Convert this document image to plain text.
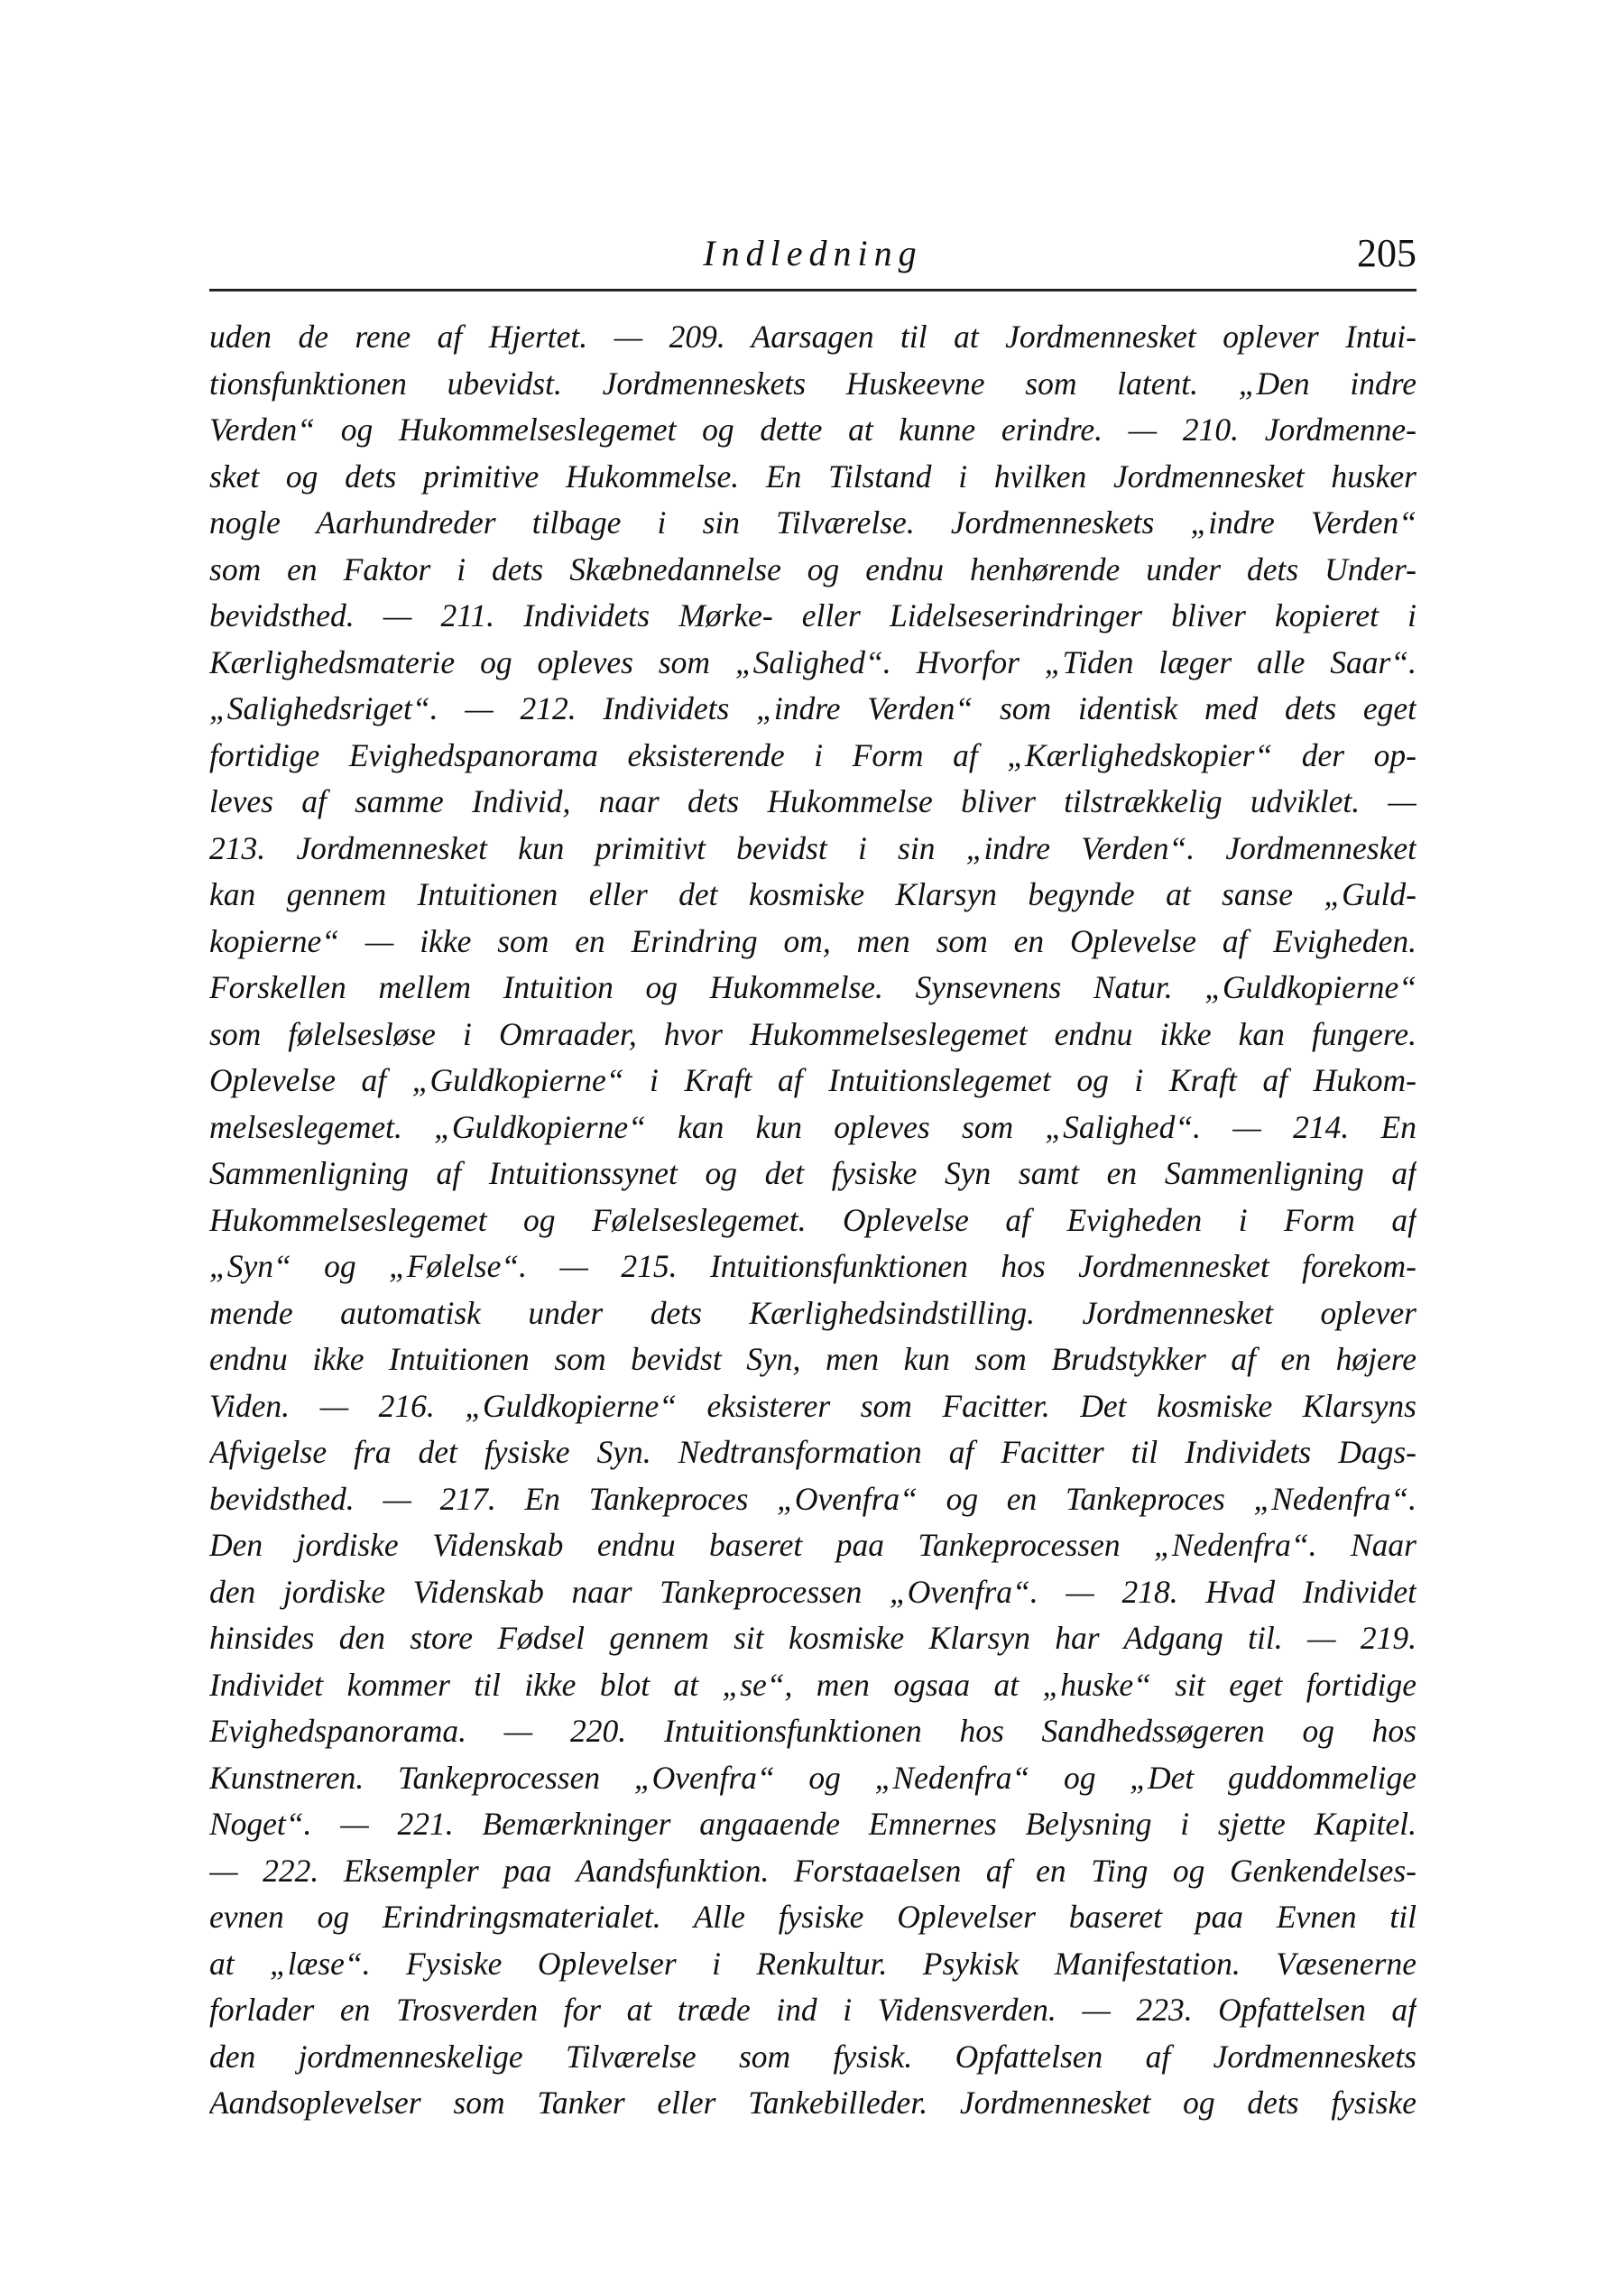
Indledning	205
uden de rene af Hjertet. — 209. Aarsagen til at Jordmennesket oplever Intui-
tionsfunktionen ubevidst. Jordmenneskets Huskeevne som latent. „Den indre
Verden“ og Hukommelseslegemet og dette at kunne erindre. — 210. Jordmenne-
sket og dets primitive Hukommelse. En Tilstand i hvilken Jordmennesket husker
nogle Aarhundreder tilbage i sin Tilværelse. Jordmenneskets „indre Verden“
som en Faktor i dets Skæbnedannelse og endnu henhørende under dets Under-
bevidsthed. — 211. Individets Mørke- eller Lidelseserindringer bliver kopieret i
Kærlighedsmaterie og opleves som „Salighed“. Hvorfor „Tiden læger alle Saar“.
„Salighedsriget“. — 212. Individets „indre Verden“ som identisk med dets eget
fortidige Evighedspanorama eksisterende i Form af „Kærlighedskopier“ der op-
leves af samme Individ, naar dets Hukommelse bliver tilstrækkelig udviklet. —
213. Jordmennesket kun primitivt bevidst i sin „indre Verden“. Jordmennesket
kan gennem Intuitionen eller det kosmiske Klarsyn begynde at sanse „Guld-
kopierne“ — ikke som en Erindring om, men som en Oplevelse af Evigheden.
Forskellen mellem Intuition og Hukommelse. Synsevnens Natur. „Guldkopierne“
som følelsesløse i Omraader, hvor Hukommelseslegemet endnu ikke kan fungere.
Oplevelse af „Guldkopierne“ i Kraft af Intuitionslegemet og i Kraft af Hukom-
melseslegemet. „Guldkopierne“ kan kun opleves som „Salighed“. — 214. En
Sammenligning af Intuitionssynet og det fysiske Syn samt en Sammenligning af
Hukommelseslegemet og Følelseslegemet. Oplevelse af Evigheden i Form af
„Syn“ og „Følelse“. — 215. Intuitionsfunktionen hos Jordmennesket forekom-
mende automatisk under dets Kærlighedsindstilling. Jordmennesket oplever
endnu ikke Intuitionen som bevidst Syn, men kun som Brudstykker af en højere
Viden. — 216. „Guldkopierne“ eksisterer som Facitter. Det kosmiske Klarsyns
Afvigelse fra det fysiske Syn. Nedtransformation af Facitter til Individets Dags-
bevidsthed. — 217. En Tankeproces „Ovenfra“ og en Tankeproces „Nedenfra“.
Den jordiske Videnskab endnu baseret paa Tankeprocessen „Nedenfra“. Naar
den jordiske Videnskab naar Tankeprocessen „Ovenfra“. — 218. Hvad Individet
hinsides den store Fødsel gennem sit kosmiske Klarsyn har Adgang til. — 219.
Individet kommer til ikke blot at „se“, men ogsaa at „huske“ sit eget fortidige
Evighedspanorama. — 220. Intuitionsfunktionen hos Sandhedssøgeren og hos
Kunstneren. Tankeprocessen „Ovenfra“ og „Nedenfra“ og „Det guddommelige
Noget“. — 221. Bemærkninger angaaende Emnernes Belysning i sjette Kapitel.
— 222. Eksempler paa Aandsfunktion. Forstaaelsen af en Ting og Genkendelses-
evnen og Erindringsmaterialet. Alle fysiske Oplevelser baseret paa Evnen til
at „læse“. Fysiske Oplevelser i Renkultur. Psykisk Manifestation. Væsenerne
forlader en Trosverden for at træde ind i Vidensverden. — 223. Opfattelsen af
den jordmenneskelige Tilværelse som fysisk. Opfattelsen af Jordmenneskets
Aandsoplevelser som Tanker eller Tankebilleder. Jordmennesket og dets fysiske
